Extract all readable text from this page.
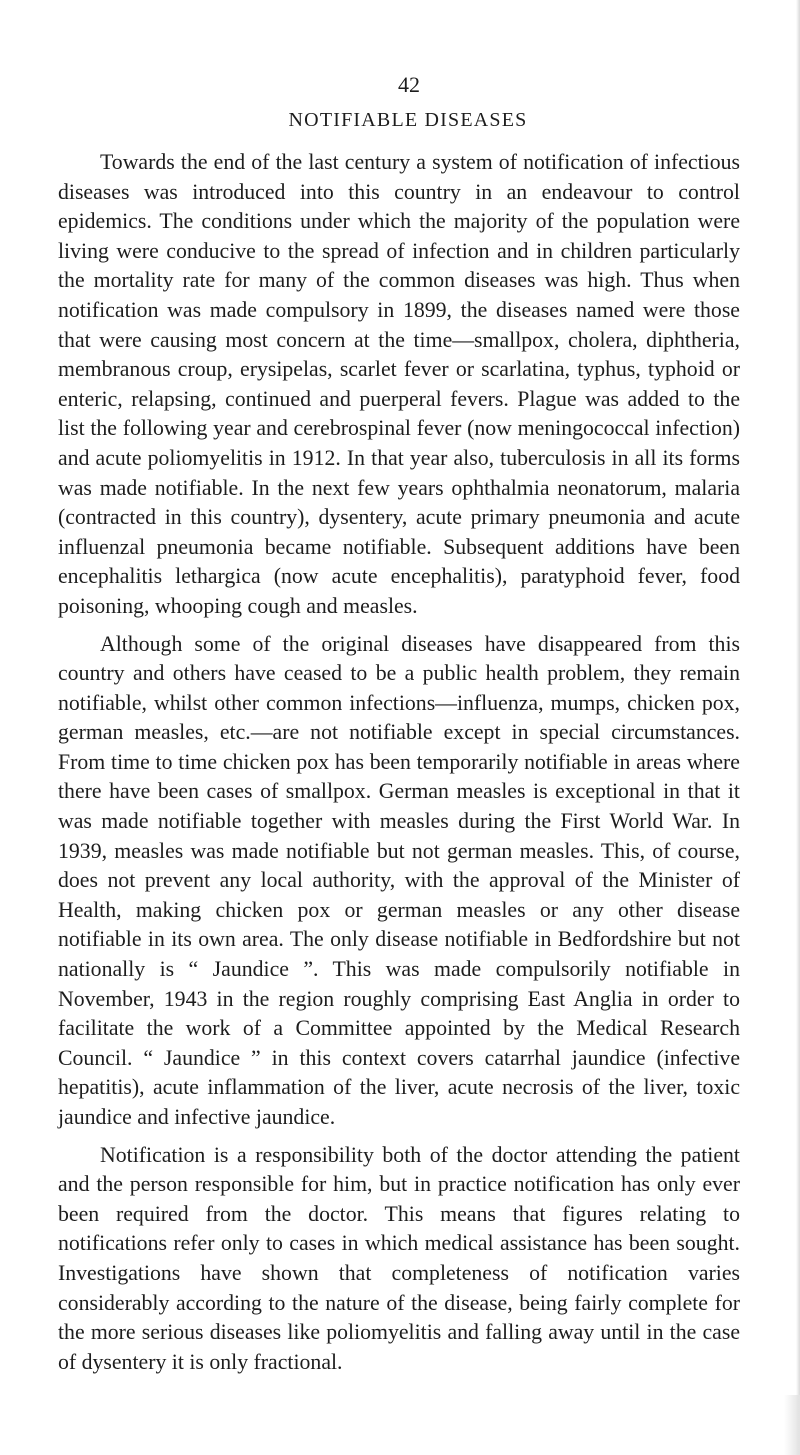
42
NOTIFIABLE DISEASES

Towards the end of the last century a system of notification of infectious diseases was introduced into this country in an endeavour to control epidemics. The conditions under which the majority of the population were living were conducive to the spread of infection and in children particularly the mortality rate for many of the common diseases was high. Thus when notification was made compulsory in 1899, the diseases named were those that were causing most concern at the time—smallpox, cholera, diphtheria, membranous croup, erysipelas, scarlet fever or scarlatina, typhus, typhoid or enteric, relapsing, continued and puerperal fevers. Plague was added to the list the following year and cerebrospinal fever (now meningococcal infection) and acute poliomyelitis in 1912. In that year also, tuberculosis in all its forms was made notifiable. In the next few years ophthalmia neonatorum, malaria (contracted in this country), dysentery, acute primary pneumonia and acute influenzal pneumonia became notifiable. Subsequent additions have been encephalitis lethargica (now acute encephalitis), paratyphoid fever, food poisoning, whooping cough and measles.

Although some of the original diseases have disappeared from this country and others have ceased to be a public health problem, they remain notifiable, whilst other common infections—influenza, mumps, chicken pox, german measles, etc.—are not notifiable except in special circumstances. From time to time chicken pox has been temporarily notifiable in areas where there have been cases of smallpox. German measles is exceptional in that it was made notifiable together with measles during the First World War. In 1939, measles was made notifiable but not german measles. This, of course, does not prevent any local authority, with the approval of the Minister of Health, making chicken pox or german measles or any other disease notifiable in its own area. The only disease notifiable in Bedfordshire but not nationally is “ Jaundice ”. This was made compulsorily notifiable in November, 1943 in the region roughly comprising East Anglia in order to facilitate the work of a Committee appointed by the Medical Research Council. “ Jaundice ” in this context covers catarrhal jaundice (infective hepatitis), acute inflammation of the liver, acute necrosis of the liver, toxic jaundice and infective jaundice.

Notification is a responsibility both of the doctor attending the patient and the person responsible for him, but in practice notification has only ever been required from the doctor. This means that figures relating to notifications refer only to cases in which medical assistance has been sought. Investigations have shown that completeness of notification varies considerably according to the nature of the disease, being fairly complete for the more serious diseases like poliomyelitis and falling away until in the case of dysentery it is only fractional.
